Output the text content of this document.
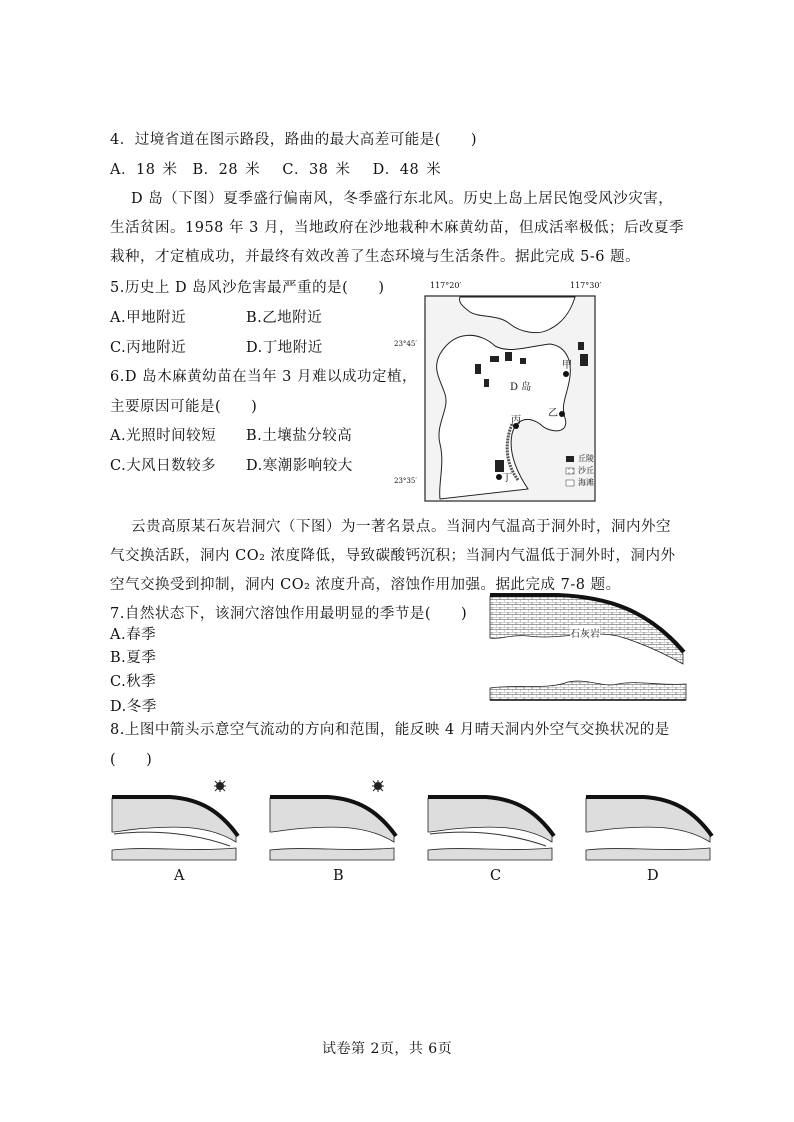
4．过境省道在图示路段，路曲的最大高差可能是(　　)
A．18 米　B．28 米　 C．38 米　 D．48 米
D 岛（下图）夏季盛行偏南风，冬季盛行东北风。历史上岛上居民饱受风沙灾害，
生活贫困。1958 年 3 月，当地政府在沙地栽种木麻黄幼苗，但成活率极低；后改夏季
栽种，才定植成功，并最终有效改善了生态环境与生活条件。据此完成 5-6 题。
5.历史上 D 岛风沙危害最严重的是(　　)
A.甲地附近	B.乙地附近
C.丙地附近	D.丁地附近
6.D 岛木麻黄幼苗在当年 3 月难以成功定植，
主要原因可能是(　　)
A.光照时间较短 B.土壤盐分较高
C.大风日数较多 D.寒潮影响较大
117°20′	117°30′
23°45′
23°35′
D 岛
甲
乙
丙
丁
丘陵
沙丘
海滩
云贵高原某石灰岩洞穴（下图）为一著名景点。当洞内气温高于洞外时，洞内外空
气交换活跃，洞内 CO₂ 浓度降低，导致碳酸钙沉积；当洞内气温低于洞外时，洞内外
空气交换受到抑制，洞内 CO₂ 浓度升高，溶蚀作用加强。据此完成 7-8 题。
7.自然状态下，该洞穴溶蚀作用最明显的季节是(　　)
A.春季
B.夏季
C.秋季
D.冬季
石灰岩
8.上图中箭头示意空气流动的方向和范围，能反映 4 月晴天洞内外空气交换状况的是
(　　)
A	B	C	D
试卷第 2页，共 6页
